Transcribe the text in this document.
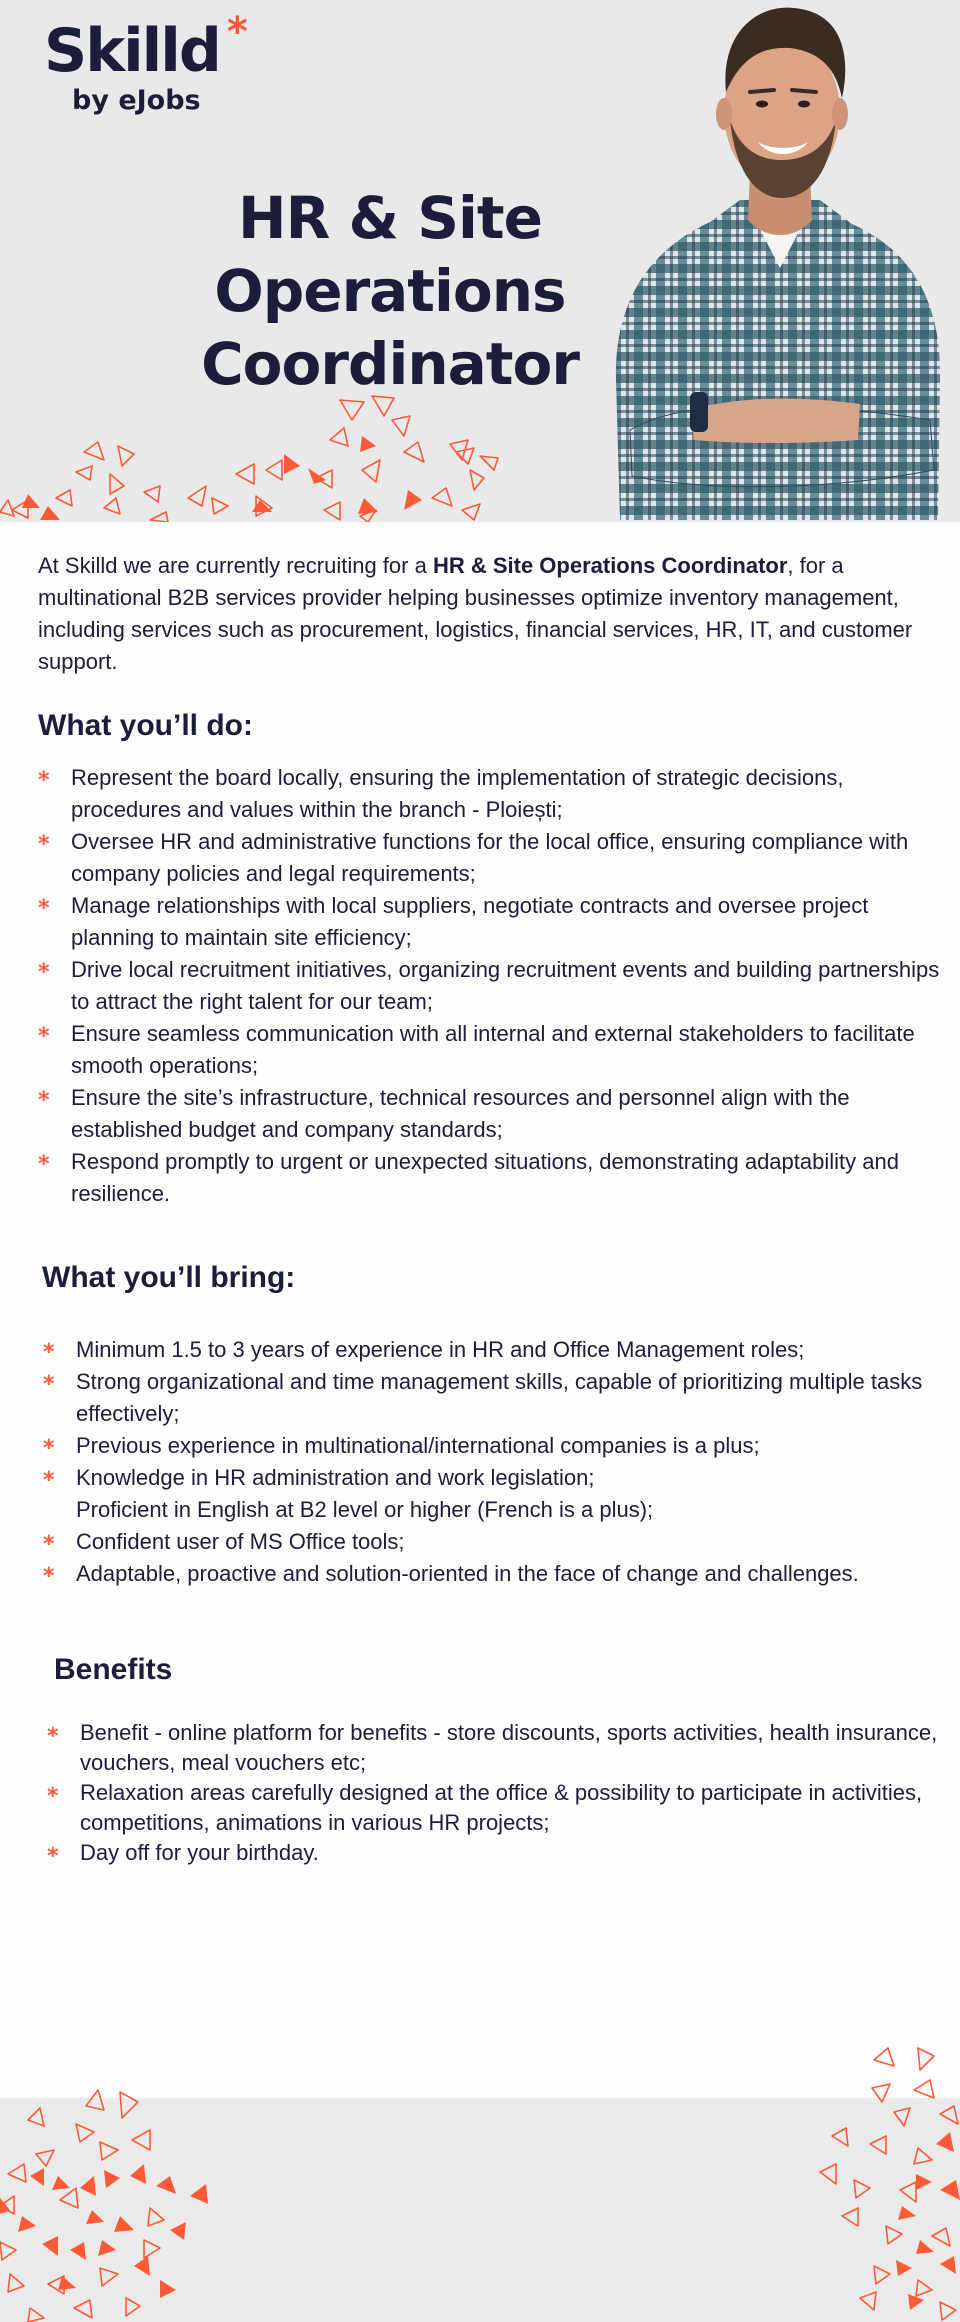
Skilld *
by eJobs
HR & Site
Operations
Coordinator

At Skilld we are currently recruiting for a HR & Site Operations Coordinator, for a multinational B2B services provider helping businesses optimize inventory management, including services such as procurement, logistics, financial services, HR, IT, and customer support.

What you’ll do:
* Represent the board locally, ensuring the implementation of strategic decisions, procedures and values within the branch - Ploiești;
* Oversee HR and administrative functions for the local office, ensuring compliance with company policies and legal requirements;
* Manage relationships with local suppliers, negotiate contracts and oversee project planning to maintain site efficiency;
* Drive local recruitment initiatives, organizing recruitment events and building partnerships to attract the right talent for our team;
* Ensure seamless communication with all internal and external stakeholders to facilitate smooth operations;
* Ensure the site’s infrastructure, technical resources and personnel align with the established budget and company standards;
* Respond promptly to urgent or unexpected situations, demonstrating adaptability and resilience.
What you’ll bring:
* Minimum 1.5 to 3 years of experience in HR and Office Management roles;
* Strong organizational and time management skills, capable of prioritizing multiple tasks effectively;
* Previous experience in multinational/international companies is a plus;
* Knowledge in HR administration and work legislation;
Proficient in English at B2 level or higher (French is a plus);
* Confident user of MS Office tools;
* Adaptable, proactive and solution-oriented in the face of change and challenges.
Benefits
* Benefit - online platform for benefits - store discounts, sports activities, health insurance, vouchers, meal vouchers etc;
* Relaxation areas carefully designed at the office & possibility to participate in activities, competitions, animations in various HR projects;
* Day off for your birthday.
